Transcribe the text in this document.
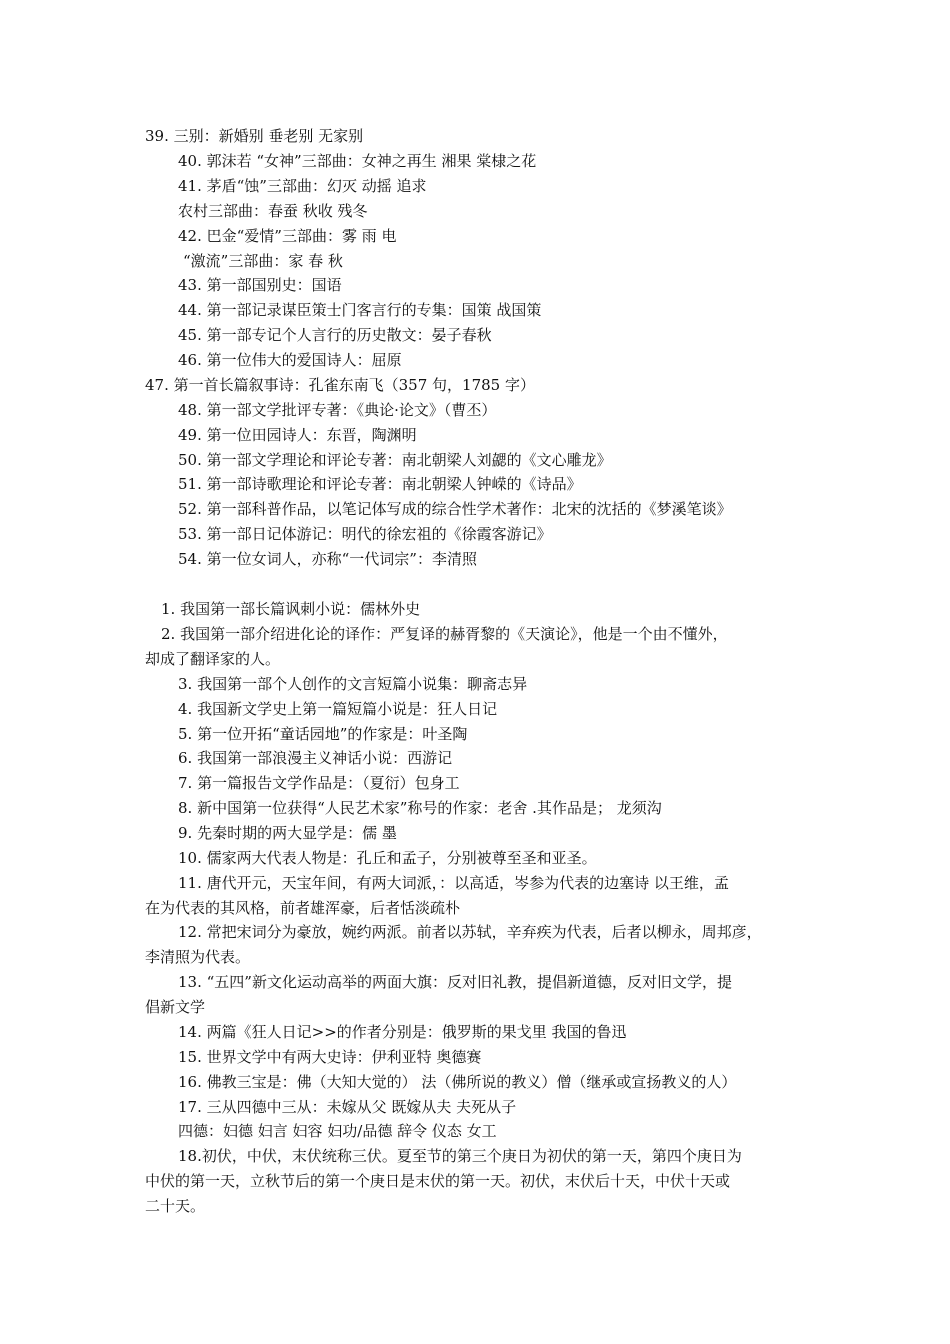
39. 三别：新婚别 垂老别 无家别
40. 郭沫若 “女神”三部曲：女神之再生 湘果 棠棣之花
41. 茅盾“蚀”三部曲：幻灭 动摇 追求
农村三部曲：春蚕 秋收 残冬
42. 巴金“爱情”三部曲：雾 雨 电
“激流”三部曲：家 春 秋
43. 第一部国别史：国语
44. 第一部记录谋臣策士门客言行的专集：国策 战国策
45. 第一部专记个人言行的历史散文：晏子春秋
46. 第一位伟大的爱国诗人：屈原
47. 第一首长篇叙事诗：孔雀东南飞（357 句，1785 字）
48. 第一部文学批评专著：《典论·论文》（曹丕）
49. 第一位田园诗人：东晋，陶渊明
50. 第一部文学理论和评论专著：南北朝梁人刘勰的《文心雕龙》
51. 第一部诗歌理论和评论专著：南北朝梁人钟嵘的《诗品》
52. 第一部科普作品，以笔记体写成的综合性学术著作：北宋的沈括的《梦溪笔谈》
53. 第一部日记体游记：明代的徐宏祖的《徐霞客游记》
54. 第一位女词人，亦称“一代词宗”：李清照
1. 我国第一部长篇讽刺小说：儒林外史
2. 我国第一部介绍进化论的译作：严复译的赫胥黎的《天演论》，他是一个由不懂外，
却成了翻译家的人。
3. 我国第一部个人创作的文言短篇小说集：聊斋志异
4. 我国新文学史上第一篇短篇小说是：狂人日记
5. 第一位开拓“童话园地”的作家是：叶圣陶
6. 我国第一部浪漫主义神话小说：西游记
7. 第一篇报告文学作品是：（夏衍）包身工
8. 新中国第一位获得“人民艺术家”称号的作家：老舍 .其作品是； 龙须沟
9. 先秦时期的两大显学是：儒 墨
10. 儒家两大代表人物是：孔丘和孟子，分别被尊至圣和亚圣。
11. 唐代开元，天宝年间，有两大词派，：以高适，岑参为代表的边塞诗 以王维，孟
在为代表的其风格，前者雄浑豪，后者恬淡疏朴
12. 常把宋词分为豪放，婉约两派。前者以苏轼，辛弃疾为代表，后者以柳永，周邦彦，
李清照为代表。
13. “五四”新文化运动高举的两面大旗：反对旧礼教，提倡新道德，反对旧文学，提
倡新文学
14. 两篇《狂人日记>>的作者分别是：俄罗斯的果戈里 我国的鲁迅
15. 世界文学中有两大史诗：伊利亚特 奥德赛
16. 佛教三宝是：佛（大知大觉的） 法（佛所说的教义）僧（继承或宣扬教义的人）
17. 三从四德中三从：未嫁从父 既嫁从夫 夫死从子
四德：妇德 妇言 妇容 妇功/品德 辞令 仪态 女工
18.初伏，中伏，末伏统称三伏。夏至节的第三个庚日为初伏的第一天，第四个庚日为
中伏的第一天，立秋节后的第一个庚日是末伏的第一天。初伏，末伏后十天，中伏十天或
二十天。
